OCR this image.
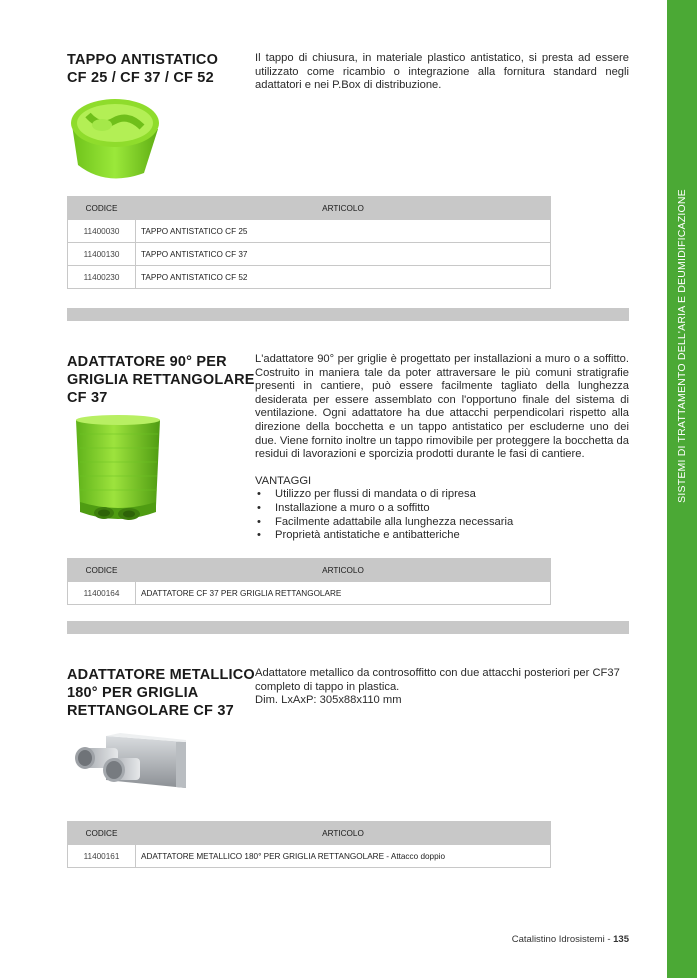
SISTEMI DI TRATTAMENTO DELL'ARIA E DEUMIDIFICAZIONE
TAPPO ANTISTATICO
CF 25 / CF 37 / CF 52

Il tappo di chiusura, in materiale plastico antistatico, si presta ad essere utilizzato come ricambio o integrazione alla fornitura standard negli adattatori e nei P.Box di distribuzione.

CODICE	ARTICOLO
11400030	TAPPO ANTISTATICO CF 25
11400130	TAPPO ANTISTATICO CF 37
11400230	TAPPO ANTISTATICO CF 52
ADATTATORE 90° PER
GRIGLIA RETTANGOLARE
CF 37

L'adattatore 90° per griglie è progettato per installazioni a muro o a soffitto. Costruito in maniera tale da poter attraversare le più comuni stratigrafie presenti in cantiere, può essere facilmente tagliato della lunghezza desiderata per essere assemblato con l'opportuno finale del sistema di ventilazione. Ogni adattatore ha due attacchi perpendicolari rispetto alla direzione della bocchetta e un tappo antistatico per escluderne uno dei due. Viene fornito inoltre un tappo rimovibile per proteggere la bocchetta da residui di lavorazioni e sporcizia prodotti durante le fasi di cantiere.

VANTAGGI

• Utilizzo per flussi di mandata o di ripresa
• Installazione a muro o a soffitto
• Facilmente adattabile alla lunghezza necessaria
• Proprietà antistatiche e antibatteriche
CODICE	ARTICOLO
11400164	ADATTATORE CF 37 PER GRIGLIA RETTANGOLARE
ADATTATORE METALLICO
180° PER GRIGLIA
RETTANGOLARE CF 37
Adattatore metallico da controsoffitto con due attacchi posteriori per CF37
completo di tappo in plastica.
Dim. LxAxP: 305x88x110 mm
CODICE	ARTICOLO
11400161	ADATTATORE METALLICO 180° PER GRIGLIA RETTANGOLARE - Attacco doppio
Catalistino Idrosistemi - 135
